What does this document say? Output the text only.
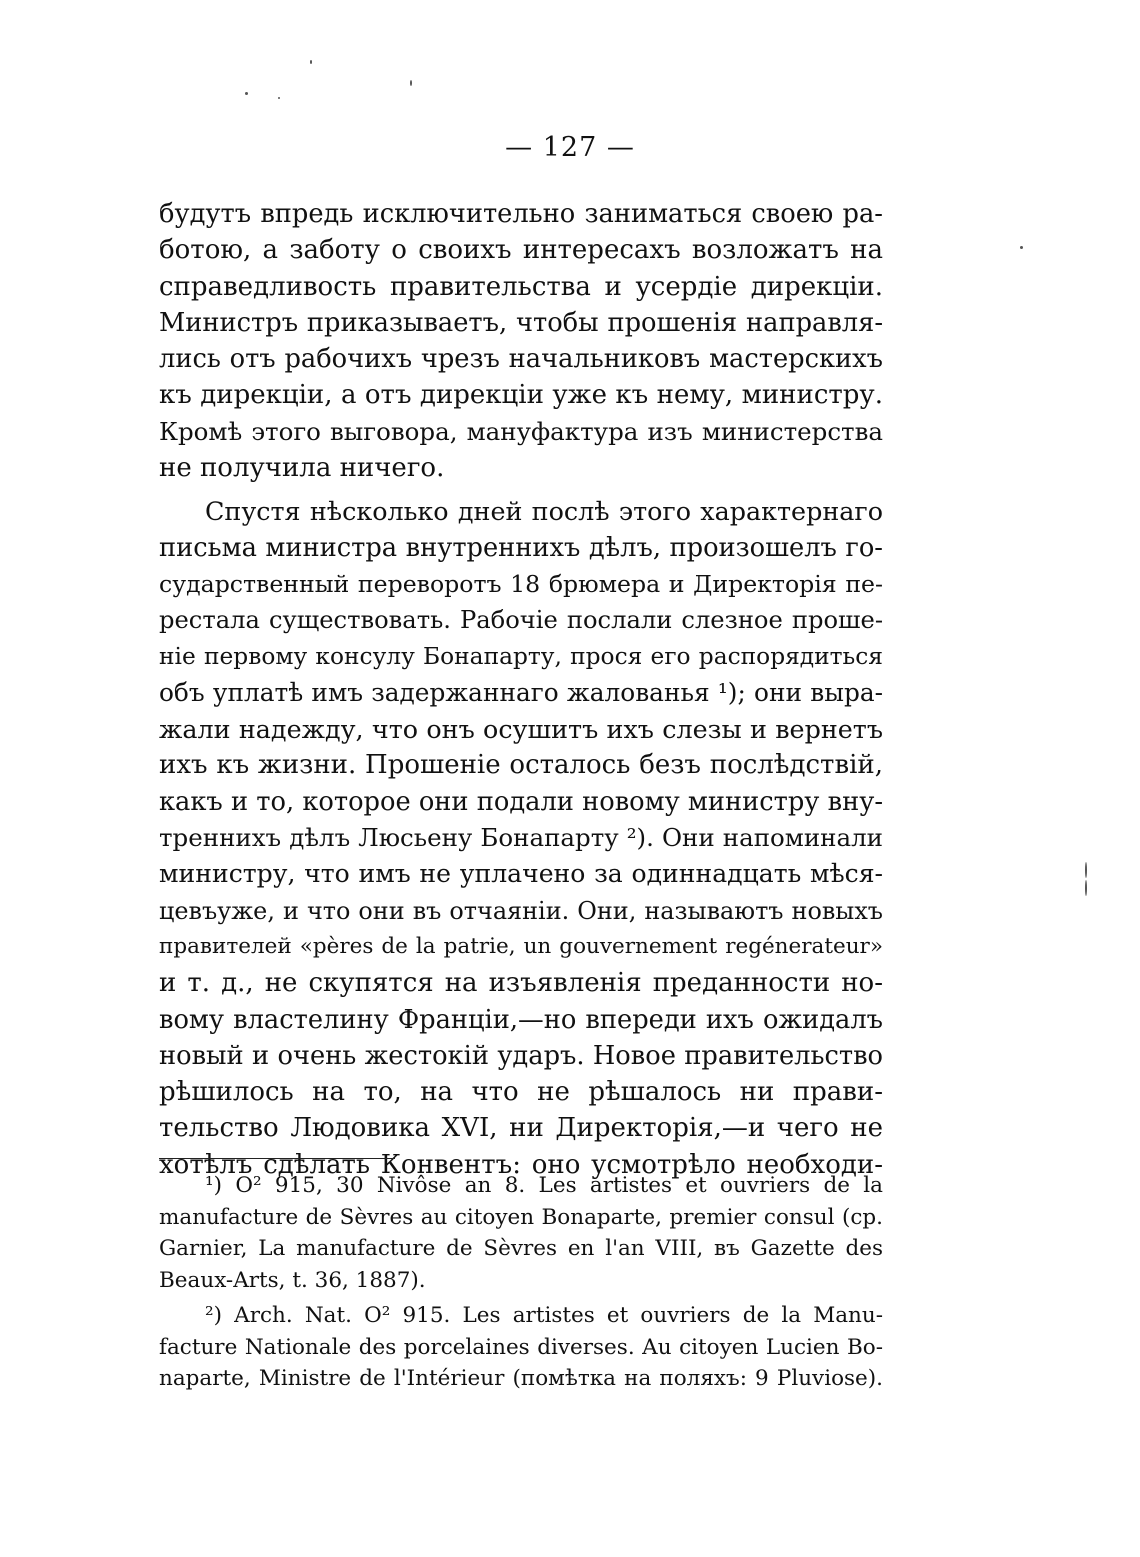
— 127 —
будутъ впредь исключительно заниматься своею ра-
ботою, а заботу о своихъ интересахъ возложатъ на
справедливость правительства и усердіе дирекціи.
Министръ приказываетъ, чтобы прошенія направля-
лись отъ рабочихъ чрезъ начальниковъ мастерскихъ
къ дирекціи, а отъ дирекціи уже къ нему, министру.
Кромѣ этого выговора, мануфактура изъ министерства
не получила ничего.
Спустя нѣсколько дней послѣ этого характернаго
письма министра внутреннихъ дѣлъ, произошелъ го-
сударственный переворотъ 18 брюмера и Директорія пе-
рестала существовать. Рабочіе послали слезное проше-
ніе первому консулу Бонапарту, прося его распорядиться
объ уплатѣ имъ задержаннаго жалованья ¹); они выра-
жали надежду, что онъ осушитъ ихъ слезы и вернетъ
ихъ къ жизни. Прошеніе осталось безъ послѣдствій,
какъ и то, которое они подали новому министру вну-
треннихъ дѣлъ Люсьену Бонапарту ²). Они напоминали
министру, что имъ не уплачено за одиннадцать мѣся-
цевъуже, и что они въ отчаяніи. Они, называютъ новыхъ
правителей «pères de la patrie, un gouvernement regénerateur»
и т. д., не скупятся на изъявленія преданности но-
вому властелину Франціи,—но впереди ихъ ожидалъ
новый и очень жестокій ударъ. Новое правительство
рѣшилось на то, на что не рѣшалось ни прави-
тельство Людовика XVI, ни Директорія,—и чего не
хотѣлъ сдѣлать Конвентъ: оно усмотрѣло необходи-
¹) O² 915, 30 Nivôse an 8. Les artistes et ouvriers de la
manufacture de Sèvres au citoyen Bonaparte, premier consul (cp.
Garnier, La manufacture de Sèvres en l'an VIII, въ Gazette des
Beaux-Arts, t. 36, 1887).
²) Arch. Nat. O² 915. Les artistes et ouvriers de la Manu-
facture Nationale des porcelaines diverses. Au citoyen Lucien Bo-
naparte, Ministre de l'Intérieur (помѣтка на поляхъ: 9 Pluviose).
